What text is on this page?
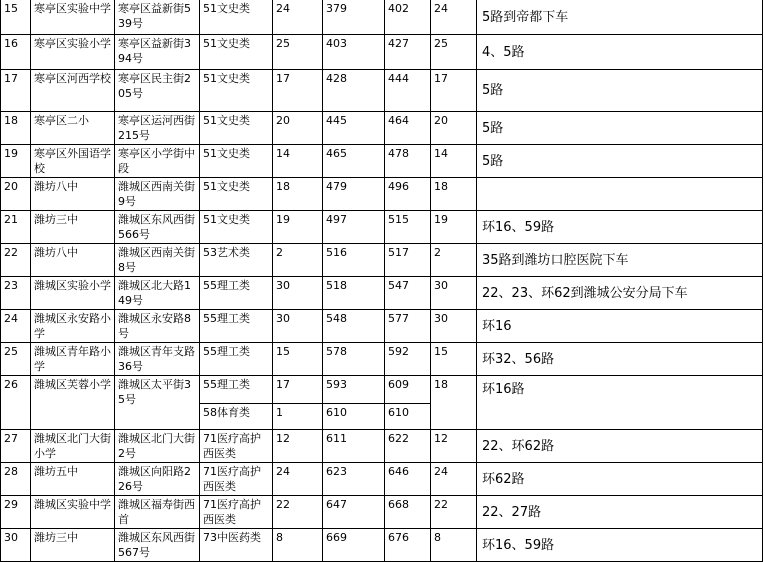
15	寒亭区实验中学	寒亭区益新街539号	51文史类	24	379	402	24	5路到帝都下车
16	寒亭区实验小学	寒亭区益新街394号	51文史类	25	403	427	25	4、5路
17	寒亭区河西学校	寒亭区民主街205号	51文史类	17	428	444	17	5路
18	寒亭区二小	寒亭区运河西街215号	51文史类	20	445	464	20	5路
19	寒亭区外国语学校	寒亭区小学街中段	51文史类	14	465	478	14	5路
20	潍坊八中	潍城区西南关街9号	51文史类	18	479	496	18	
21	潍坊三中	潍城区东风西街566号	51文史类	19	497	515	19	环16、59路
22	潍坊八中	潍城区西南关街8号	53艺术类	2	516	517	2	35路到潍坊口腔医院下车
23	潍城区实验小学	潍城区北大路149号	55理工类	30	518	547	30	22、23、环62到潍城公安分局下车
24	潍城区永安路小学	潍城区永安路8号	55理工类	30	548	577	30	环16
25	潍城区青年路小学	潍城区青年支路36号	55理工类	15	578	592	15	环32、56路
26	潍城区芙蓉小学	潍城区太平街35号	55理工类	17	593	609	18	环16路
			58体育类	1	610	610		
27	潍城区北门大街小学	潍城区北门大街2号	71医疗高护西医类	12	611	622	12	22、环62路
28	潍坊五中	潍城区向阳路226号	71医疗高护西医类	24	623	646	24	环62路
29	潍城区实验中学	潍城区福寿街西首	71医疗高护西医类	22	647	668	22	22、27路
30	潍坊三中	潍城区东风西街567号	73中医药类	8	669	676	8	环16、59路
